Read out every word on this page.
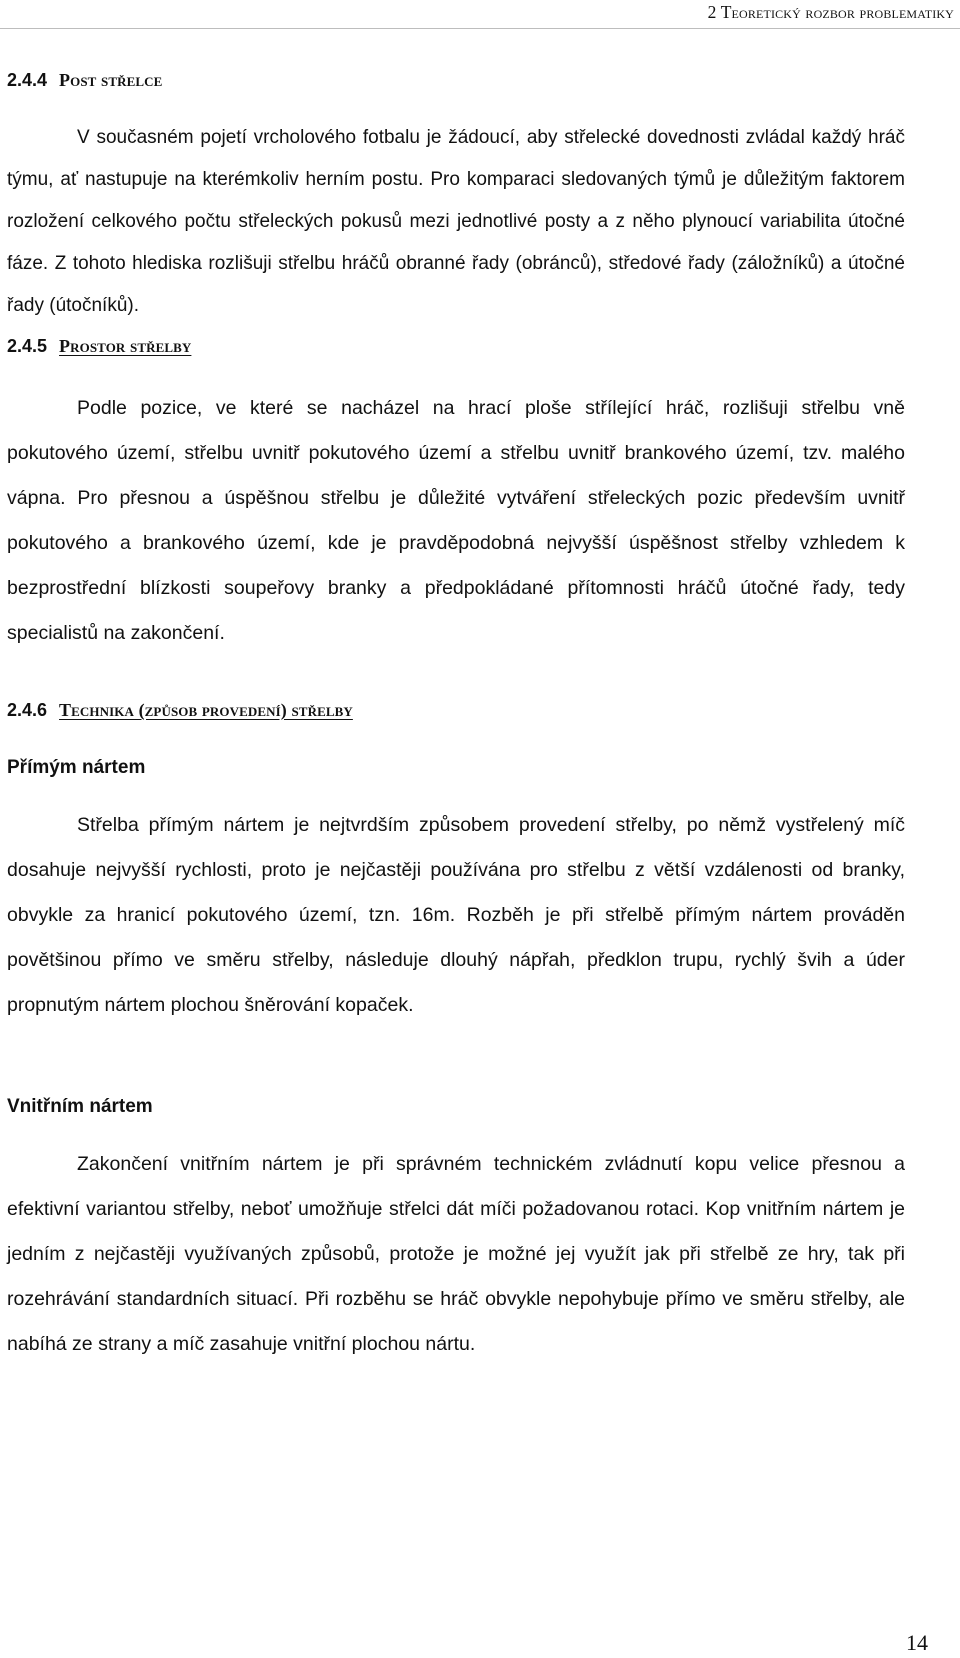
2 Teoretický rozbor problematiky
2.4.4 Post střelce

V současném pojetí vrcholového fotbalu je žádoucí, aby střelecké dovednosti zvládal každý hráč týmu, ať nastupuje na kterémkoliv herním postu. Pro komparaci sledovaných týmů je důležitým faktorem rozložení celkového počtu střeleckých pokusů mezi jednotlivé posty a z něho plynoucí variabilita útočné fáze. Z tohoto hlediska rozlišuji střelbu hráčů obranné řady (obránců), středové řady (záložníků) a útočné řady (útočníků).

2.4.5 Prostor střelby

Podle pozice, ve které se nacházel na hrací ploše střílející hráč, rozlišuji střelbu vně pokutového území, střelbu uvnitř pokutového území a střelbu uvnitř brankového území, tzv. malého vápna. Pro přesnou a úspěšnou střelbu je důležité vytváření střeleckých pozic především uvnitř pokutového a brankového území, kde je pravděpodobná nejvyšší úspěšnost střelby vzhledem k bezprostřední blízkosti soupeřovy branky a předpokládané přítomnosti hráčů útočné řady, tedy specialistů na zakončení.

2.4.6 Technika (způsob provedení) střelby
Přímým nártem

Střelba přímým nártem je nejtvrdším způsobem provedení střelby, po němž vystřelený míč dosahuje nejvyšší rychlosti, proto je nejčastěji používána pro střelbu z větší vzdálenosti od branky, obvykle za hranicí pokutového území, tzn. 16m. Rozběh je při střelbě přímým nártem prováděn povětšinou přímo ve směru střelby, následuje dlouhý nápřah, předklon trupu, rychlý švih a úder propnutým nártem plochou šněrování kopaček.

Vnitřním nártem

Zakončení vnitřním nártem je při správném technickém zvládnutí kopu velice přesnou a efektivní variantou střelby, neboť umožňuje střelci dát míči požadovanou rotaci. Kop vnitřním nártem je jedním z nejčastěji využívaných způsobů, protože je možné jej využít jak při střelbě ze hry, tak při rozehrávání standardních situací. Při rozběhu se hráč obvykle nepohybuje přímo ve směru střelby, ale nabíhá ze strany a míč zasahuje vnitřní plochou nártu.

14
